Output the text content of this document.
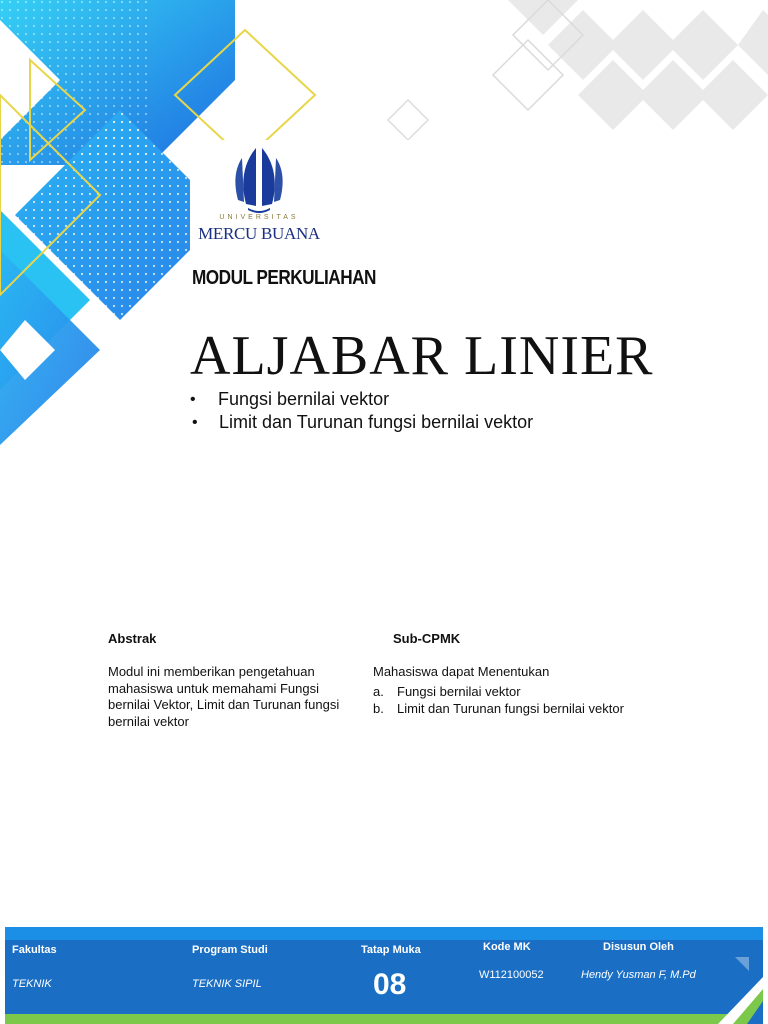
UNIVERSITAS
MERCU BUANA
MODUL PERKULIAHAN
ALJABAR LINIER
• Fungsi bernilai vektor
• Limit dan Turunan fungsi bernilai vektor
Abstrak
Modul ini memberikan pengetahuan mahasiswa untuk memahami Fungsi bernilai Vektor, Limit dan Turunan fungsi bernilai vektor
Sub-CPMK
Mahasiswa dapat Menentukan
a. Fungsi bernilai vektor
b. Limit dan Turunan fungsi bernilai vektor
Fakultas
TEKNIK
Program Studi
TEKNIK SIPIL
Tatap Muka
08
Kode MK
W112100052
Disusun Oleh
Hendy Yusman F, M.Pd
